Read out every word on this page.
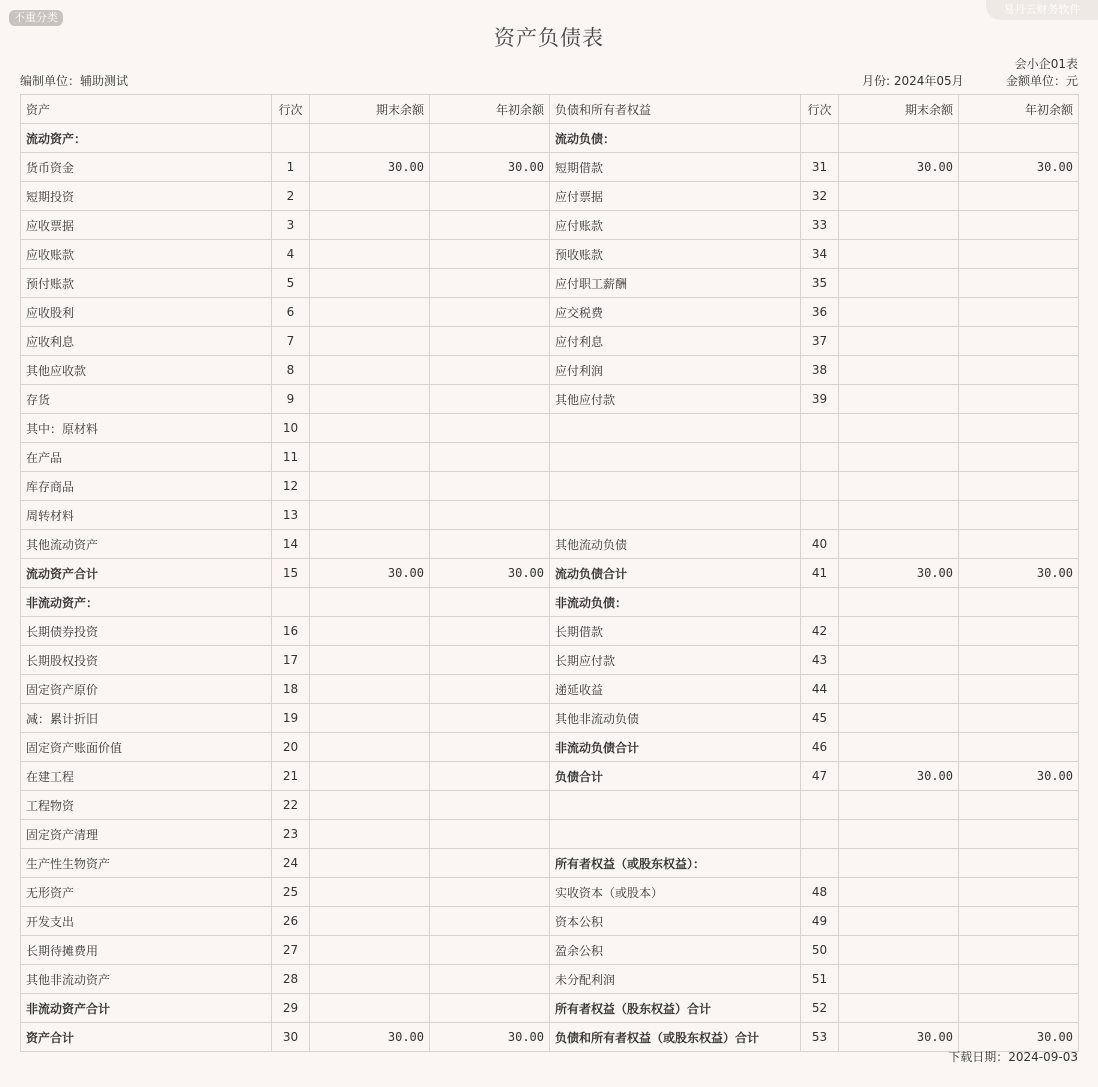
不重分类
易丹云财务软件
资产负债表
会小企01表
编制单位：辅助测试	月份: 2024年05月	金额单位：元
资产	行次	期末余额	年初余额	负债和所有者权益	行次	期末余额	年初余额
流动资产：				流动负债：			
货币资金	1	30.00	30.00	短期借款	31	30.00	30.00
短期投资	2			应付票据	32		
应收票据	3			应付账款	33		
应收账款	4			预收账款	34		
预付账款	5			应付职工薪酬	35		
应收股利	6			应交税费	36		
应收利息	7			应付利息	37		
其他应收款	8			应付利润	38		
存货	9			其他应付款	39		
其中：原材料	10						
在产品	11						
库存商品	12						
周转材料	13						
其他流动资产	14			其他流动负债	40		
流动资产合计	15	30.00	30.00	流动负债合计	41	30.00	30.00
非流动资产：				非流动负债：			
长期债券投资	16			长期借款	42		
长期股权投资	17			长期应付款	43		
固定资产原价	18			递延收益	44		
减：累计折旧	19			其他非流动负债	45		
固定资产账面价值	20			非流动负债合计	46		
在建工程	21			负债合计	47	30.00	30.00
工程物资	22						
固定资产清理	23						
生产性生物资产	24			所有者权益（或股东权益）：			
无形资产	25			实收资本（或股本）	48		
开发支出	26			资本公积	49		
长期待摊费用	27			盈余公积	50		
其他非流动资产	28			未分配利润	51		
非流动资产合计	29			所有者权益（股东权益）合计	52		
资产合计	30	30.00	30.00	负债和所有者权益（或股东权益）合计	53	30.00	30.00
下载日期：2024-09-03
